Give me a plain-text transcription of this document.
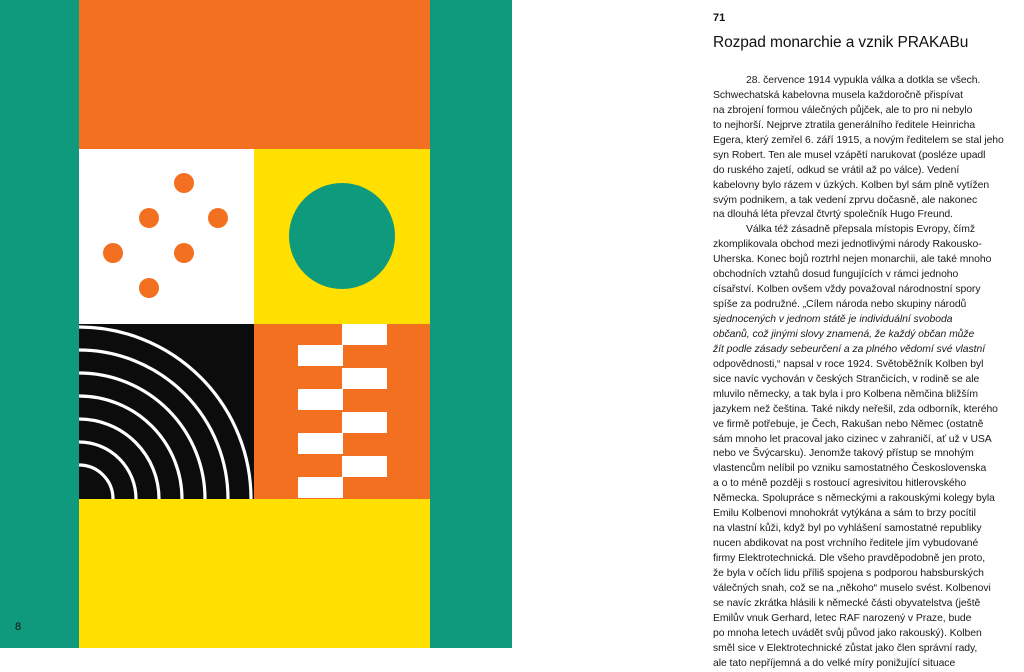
8
71
Rozpad monarchie a vznik PRAKABu
28. července 1914 vypukla válka a dotkla se všech.
Schwechatská kabelovna musela každoročně přispívat
na zbrojení formou válečných půjček, ale to pro ni nebylo
to nejhorší. Nejprve ztratila generálního ředitele Heinricha
Egera, který zemřel 6. září 1915, a novým ředitelem se stal jeho
syn Robert. Ten ale musel vzápětí narukovat (posléze upadl
do ruského zajetí, odkud se vrátil až po válce). Vedení
kabelovny bylo rázem v úzkých. Kolben byl sám plně vytížen
svým podnikem, a tak vedení zprvu dočasně, ale nakonec
na dlouhá léta převzal čtvrtý společník Hugo Freund.
Válka též zásadně přepsala místopis Evropy, čímž
zkomplikovala obchod mezi jednotlivými národy Rakousko-
Uherska. Konec bojů roztrhl nejen monarchii, ale také mnoho
obchodních vztahů dosud fungujících v rámci jednoho
císařství. Kolben ovšem vždy považoval národnostní spory
spíše za podružné. „Cílem národa nebo skupiny národů
sjednocených v jednom státě je individuální svoboda
občanů, což jinými slovy znamená, že každý občan může
žít podle zásady sebeurčení a za plného vědomí své vlastní
odpovědnosti,“ napsal v roce 1924. Světoběžník Kolben byl
sice navíc vychován v českých Strančicích, v rodině se ale
mluvilo německy, a tak byla i pro Kolbena němčina bližším
jazykem než čeština. Také nikdy neřešil, zda odborník, kterého
ve firmě potřebuje, je Čech, Rakušan nebo Němec (ostatně
sám mnoho let pracoval jako cizinec v zahraničí, ať už v USA
nebo ve Švýcarsku). Jenomže takový přístup se mnohým
vlastencům nelíbil po vzniku samostatného Československa
a o to méně později s rostoucí agresivitou hitlerovského
Německa. Spolupráce s německými a rakouskými kolegy byla
Emilu Kolbenovi mnohokrát vytýkána a sám to brzy pocítil
na vlastní kůži, když byl po vyhlášení samostatné republiky
nucen abdikovat na post vrchního ředitele jím vybudované
firmy Elektrotechnická. Dle všeho pravděpodobně jen proto,
že byla v očích lidu příliš spojena s podporou habsburských
válečných snah, což se na „někoho“ muselo svést. Kolbenovi
se navíc zkrátka hlásili k německé části obyvatelstva (ještě
Emilův vnuk Gerhard, letec RAF narozený v Praze, bude
po mnoha letech uvádět svůj původ jako rakouský). Kolben
směl sice v Elektrotechnické zůstat jako člen správní rady,
ale tato nepříjemná a do velké míry ponižující situace
